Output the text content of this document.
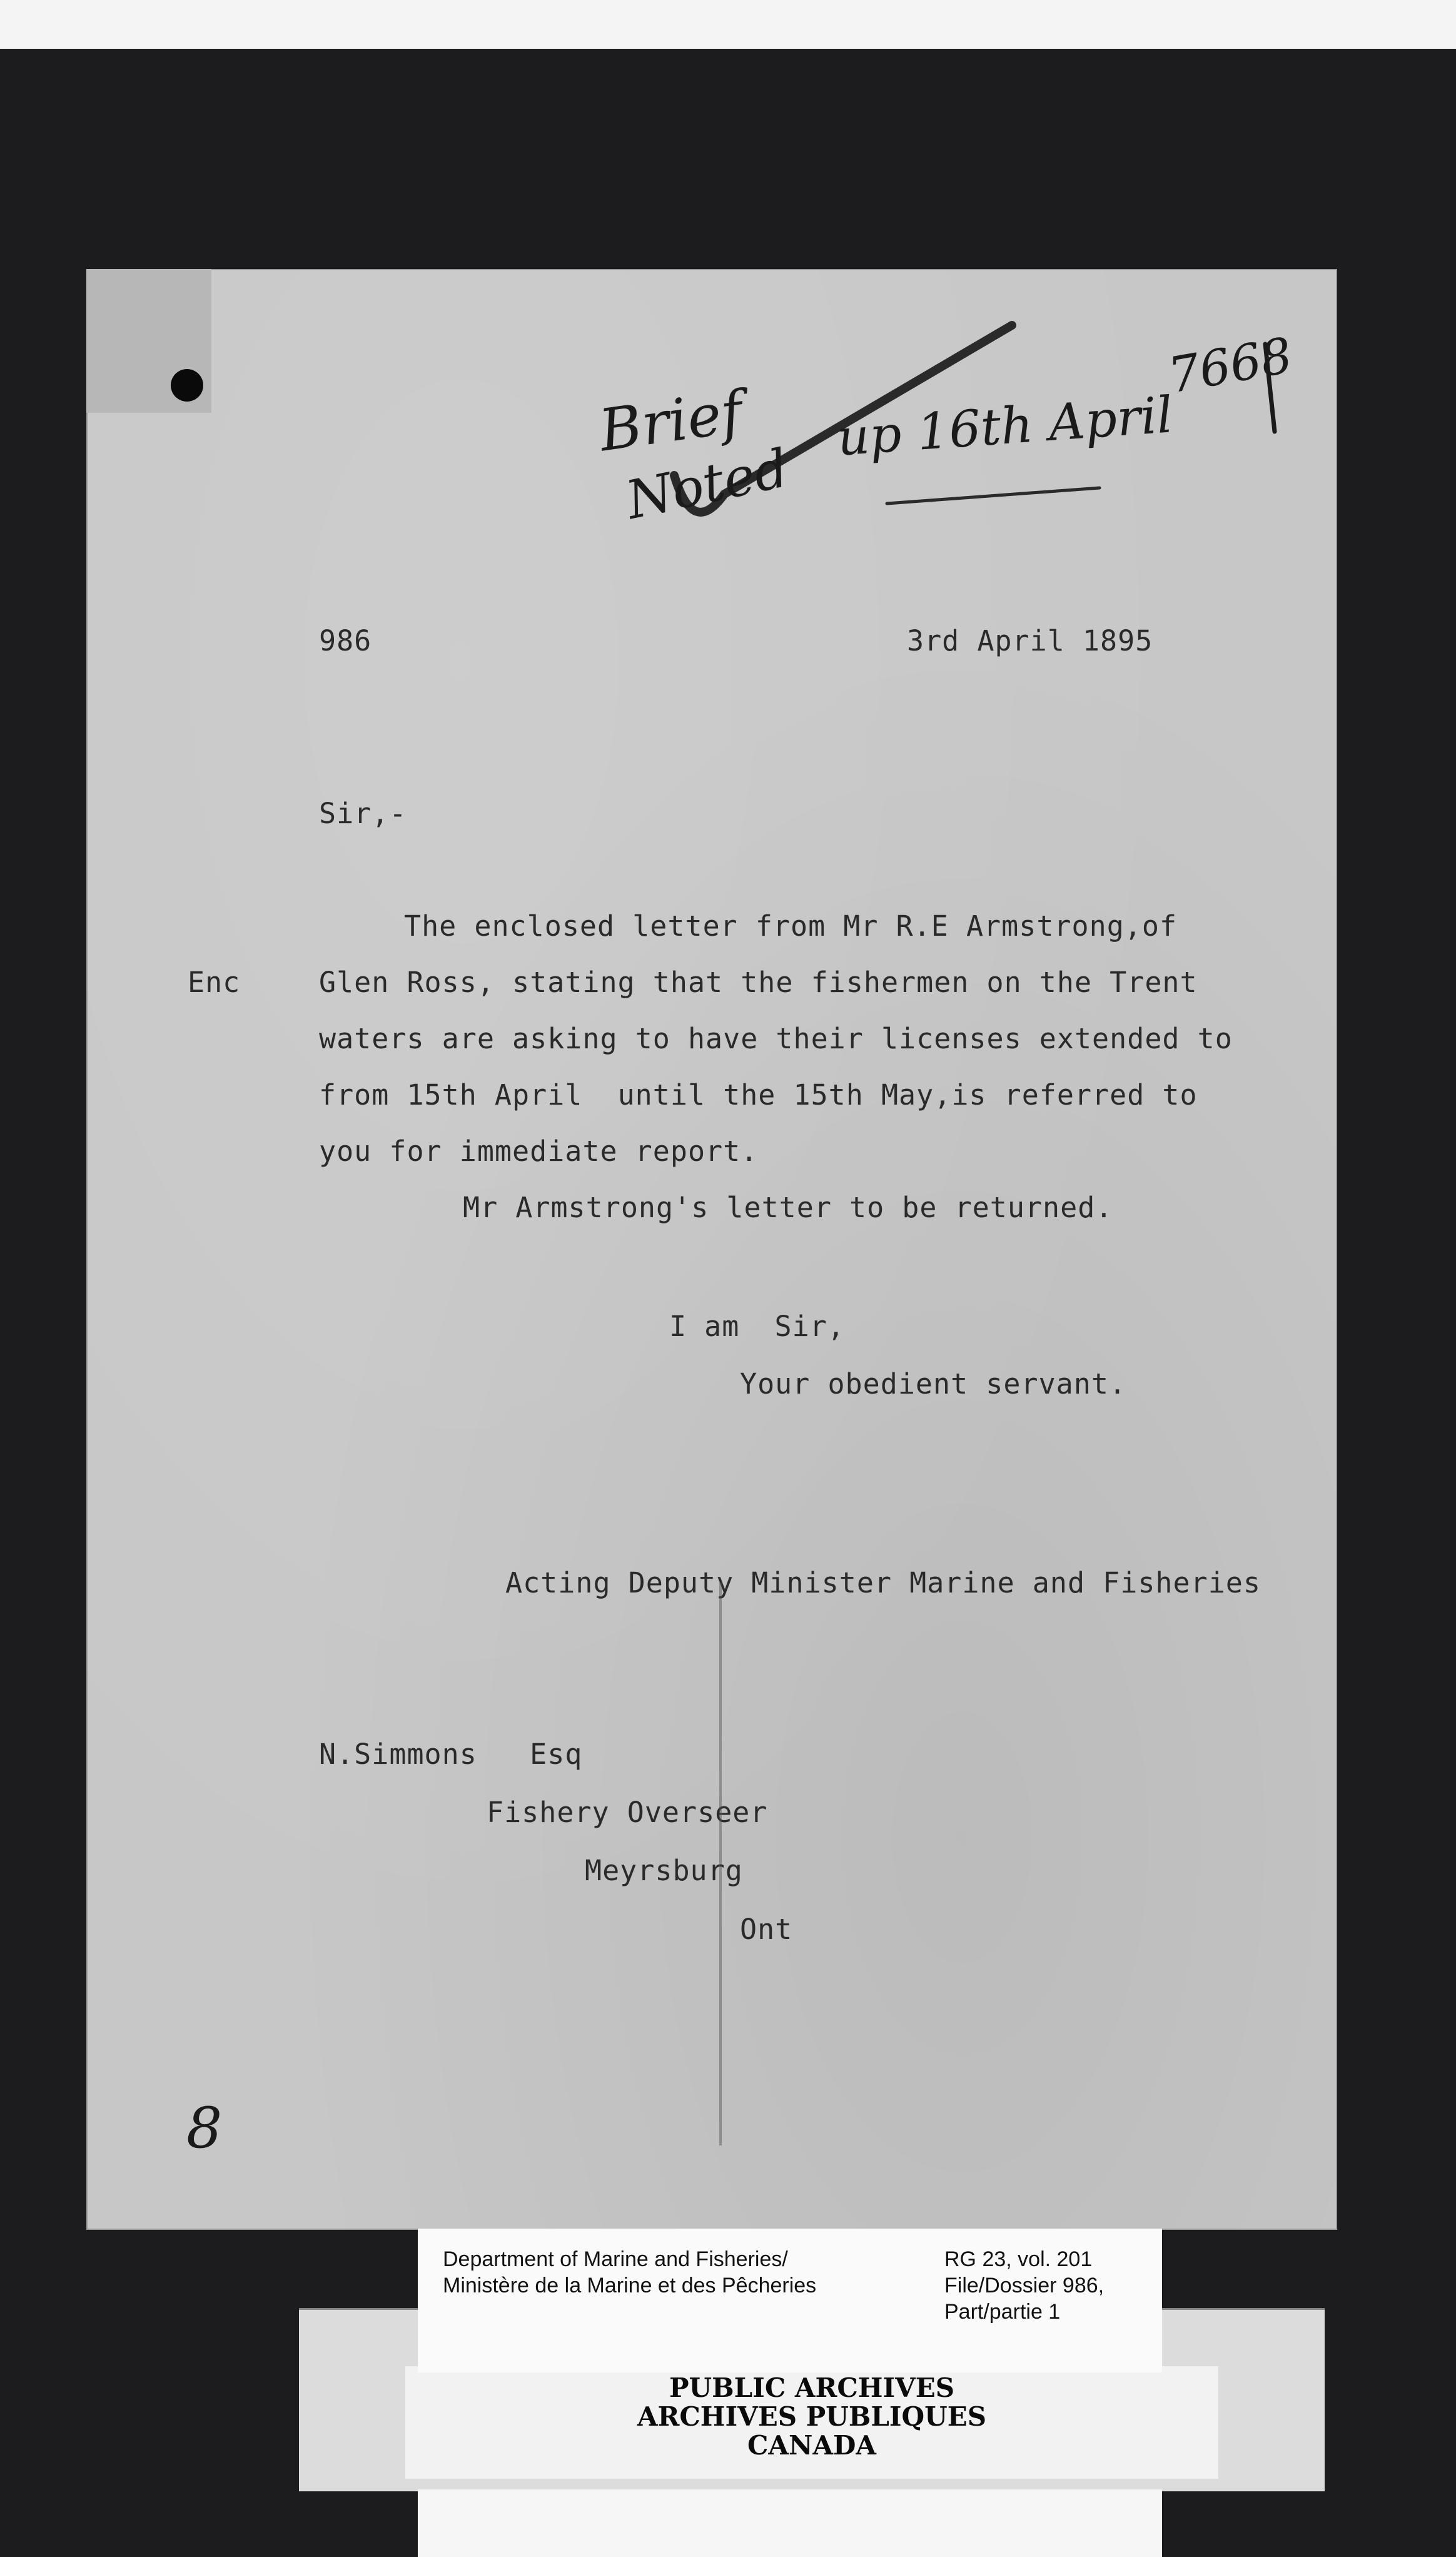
Brief
Noted
up 16th April
7668
986	3rd April 1895
Sir,-
Enc
The enclosed letter from Mr R.E Armstrong,of
Glen Ross, stating that the fishermen on the Trent
waters are asking to have their licenses extended to
from 15th April  until the 15th May,is referred to
you for immediate report.
Mr Armstrong's letter to be returned.
I am  Sir,
Your obedient servant.
Acting Deputy Minister Marine and Fisheries
N.Simmons   Esq
Fishery Overseer
Meyrsburg
Ont
8
PUBLIC ARCHIVES
ARCHIVES PUBLIQUES
CANADA
Department of Marine and Fisheries/
Ministère de la Marine et des Pêcheries
RG 23, vol. 201
File/Dossier 986,
Part/partie 1
